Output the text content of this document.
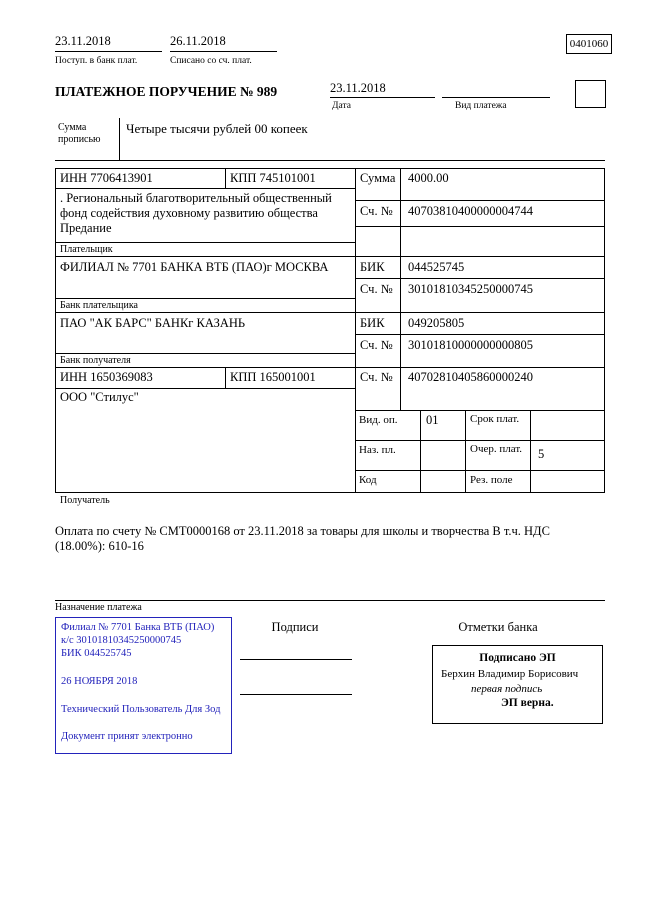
23.11.2018
Поступ. в банк плат.
26.11.2018
Списано со сч. плат.
0401060
ПЛАТЕЖНОЕ ПОРУЧЕНИЕ № 989	23.11.2018
Дата	Вид платежа
Сумма прописью
Четыре тысячи рублей 00 копеек
ИНН 7706413901	КПП 745101001	Сумма 4000.00
. Региональный благотворительный общественный фонд содействия духовному развитию общества Предание
Сч. № 40703810400000004744
Плательщик
ФИЛИАЛ № 7701 БАНКА ВТБ (ПАО)г МОСКВА	БИК 044525745
Сч. № 30101810345250000745
Банк плательщика
ПАО "АК БАРС" БАНКг КАЗАНЬ	БИК 049205805
Сч. № 30101810000000000805
Банк получателя
ИНН 1650369083	КПП 165001001	Сч. № 40702810405860000240
ООО "Стилус"
Получатель
Вид. оп. 01	Срок плат.
Наз. пл.	Очер. плат. 5
Код	Рез. поле
Оплата по счету № СМТ0000168 от 23.11.2018 за товары для школы и творчества В т.ч. НДС (18.00%): 610-16
Назначение платежа
Подписи	Отметки банка
Филиал № 7701 Банка ВТБ (ПАО)
к/с 30101810345250000745
БИК 044525745
26 НОЯБРЯ 2018
Технический Пользователь Для Зод
Документ принят электронно
Подписано ЭП
Берхин Владимир Борисович
первая подпись
ЭП верна.
